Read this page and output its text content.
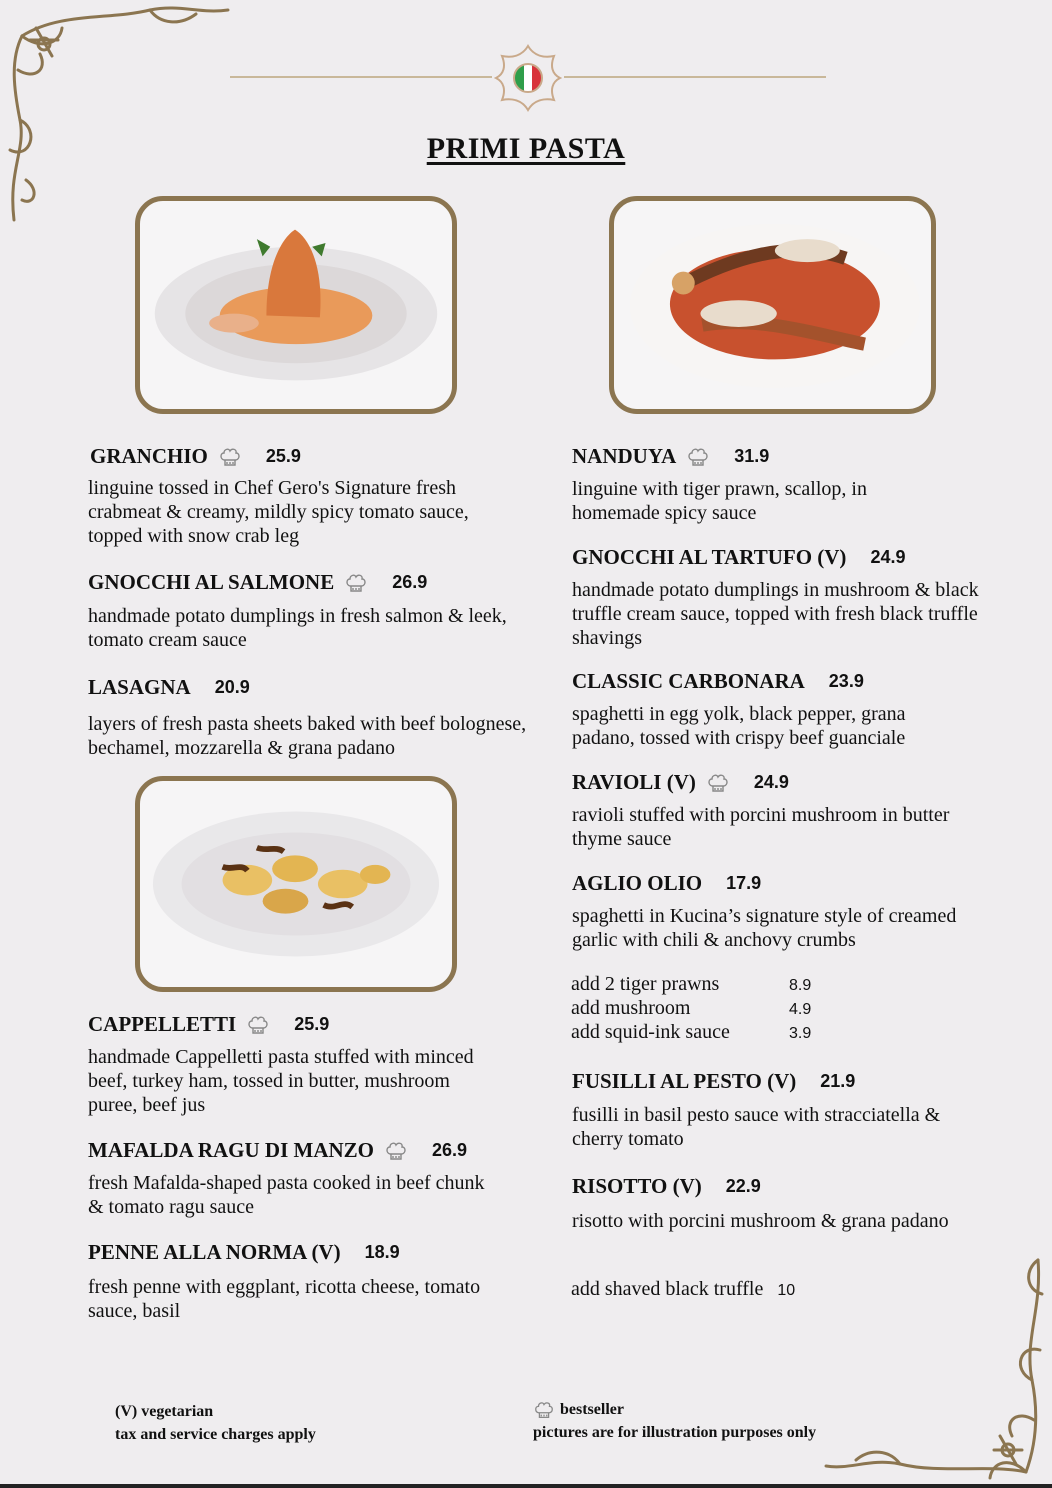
PRIMI PASTA
GRANCHIO	25.9
linguine tossed in Chef Gero's Signature fresh crabmeat & creamy, mildly spicy tomato sauce, topped with snow crab leg
GNOCCHI AL SALMONE	26.9
handmade potato dumplings in fresh salmon & leek, tomato cream sauce
LASAGNA 20.9
layers of fresh pasta sheets baked with beef bolognese, bechamel, mozzarella & grana padano
CAPPELLETTI	25.9
handmade Cappelletti pasta stuffed with minced beef, turkey ham, tossed in butter, mushroom puree, beef jus
MAFALDA RAGU DI MANZO	26.9
fresh Mafalda-shaped pasta cooked in beef chunk & tomato ragu sauce
PENNE ALLA NORMA (V) 18.9
fresh penne with eggplant, ricotta cheese, tomato sauce, basil
NANDUYA	31.9
linguine with tiger prawn, scallop, in homemade spicy sauce
GNOCCHI AL TARTUFO (V) 24.9
handmade potato dumplings in mushroom & black truffle cream sauce, topped with fresh black truffle shavings
CLASSIC CARBONARA 23.9
spaghetti in egg yolk, black pepper, grana padano, tossed with crispy beef guanciale
RAVIOLI (V)	24.9
ravioli stuffed with porcini mushroom in butter thyme sauce
AGLIO OLIO 17.9
spaghetti in Kucina’s signature style of creamed garlic with chili & anchovy crumbs
add 2 tiger prawns	8.9
add mushroom	4.9
add squid-ink sauce	3.9
FUSILLI AL PESTO (V) 21.9
fusilli in basil pesto sauce with stracciatella & cherry tomato
RISOTTO (V) 22.9
risotto with porcini mushroom & grana padano
add shaved black truffle 10
(V) vegetarian
tax and service charges apply
bestseller
pictures are for illustration purposes only
